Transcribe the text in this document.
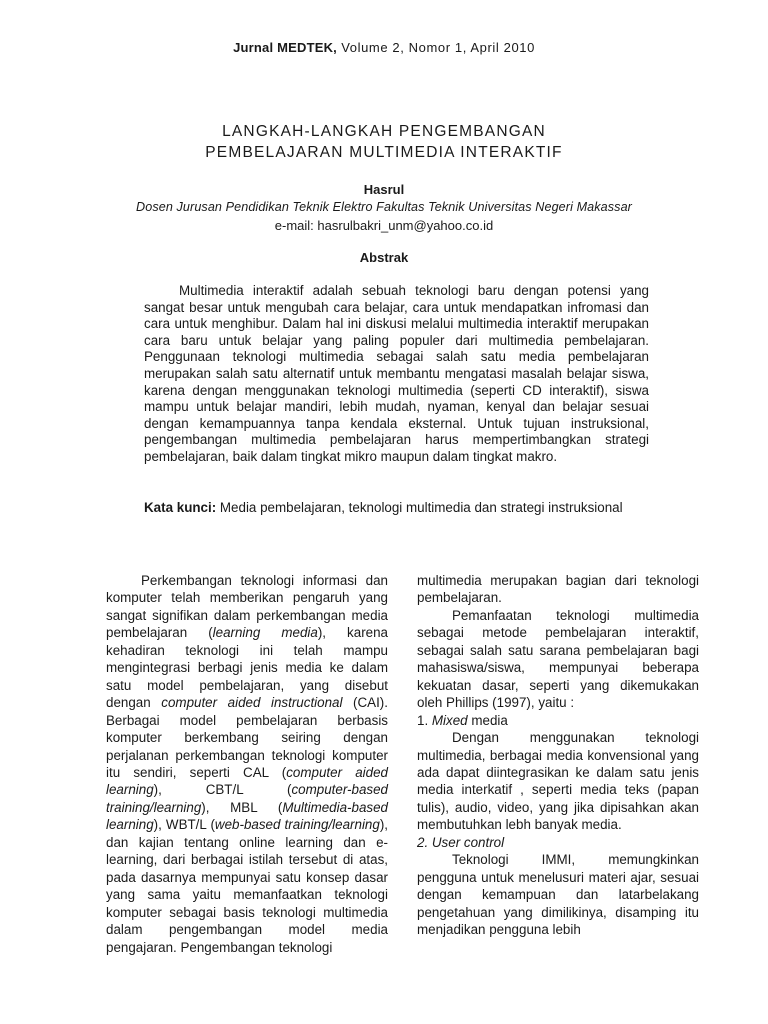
Jurnal MEDTEK, Volume 2, Nomor 1, April 2010
LANGKAH-LANGKAH PENGEMBANGAN
PEMBELAJARAN MULTIMEDIA INTERAKTIF
Hasrul
Dosen Jurusan Pendidikan Teknik Elektro Fakultas Teknik Universitas Negeri Makassar
e-mail: hasrulbakri_unm@yahoo.co.id
Abstrak

Multimedia interaktif adalah sebuah teknologi baru dengan potensi yang sangat besar untuk mengubah cara belajar, cara untuk mendapatkan infromasi dan cara untuk menghibur. Dalam hal ini diskusi melalui multimedia interaktif merupakan cara baru untuk belajar yang paling populer dari multimedia pembelajaran. Penggunaan teknologi multimedia sebagai salah satu media pembelajaran merupakan salah satu alternatif untuk membantu mengatasi masalah belajar siswa, karena dengan menggunakan teknologi multimedia (seperti CD interaktif), siswa mampu untuk belajar mandiri, lebih mudah, nyaman, kenyal dan belajar sesuai dengan kemampuannya tanpa kendala eksternal. Untuk tujuan instruksional, pengembangan multimedia pembelajaran harus mempertimbangkan strategi pembelajaran, baik dalam tingkat mikro maupun dalam tingkat makro.

Kata kunci: Media pembelajaran, teknologi multimedia dan strategi instruksional

Perkembangan teknologi informasi dan komputer telah memberikan pengaruh yang sangat signifikan dalam perkembangan media pembelajaran (learning media), karena kehadiran teknologi ini telah mampu mengintegrasi berbagi jenis media ke dalam satu model pembelajaran, yang disebut dengan computer aided instructional (CAI). Berbagai model pembelajaran berbasis komputer berkembang seiring dengan perjalanan perkembangan teknologi komputer itu sendiri, seperti CAL (computer aided learning), CBT/L (computer-based training/learning), MBL (Multimedia-based learning), WBT/L (web-based training/learning), dan kajian tentang online learning dan e-learning, dari berbagai istilah tersebut di atas, pada dasarnya mempunyai satu konsep dasar yang sama yaitu memanfaatkan teknologi komputer sebagai basis teknologi multimedia dalam pengembangan model media pengajaran. Pengembangan teknologi

multimedia merupakan bagian dari teknologi pembelajaran.

Pemanfaatan teknologi multimedia sebagai metode pembelajaran interaktif, sebagai salah satu sarana pembelajaran bagi mahasiswa/siswa, mempunyai beberapa kekuatan dasar, seperti yang dikemukakan oleh Phillips (1997), yaitu :

1. Mixed media

Dengan menggunakan teknologi multimedia, berbagai media konvensional yang ada dapat diintegrasikan ke dalam satu jenis media interkatif , seperti media teks (papan tulis), audio, video, yang jika dipisahkan akan membutuhkan lebh banyak media.

2. User control

Teknologi IMMI, memungkinkan pengguna untuk menelusuri materi ajar, sesuai dengan kemampuan dan latarbelakang pengetahuan yang dimilikinya, disamping itu menjadikan pengguna lebih
